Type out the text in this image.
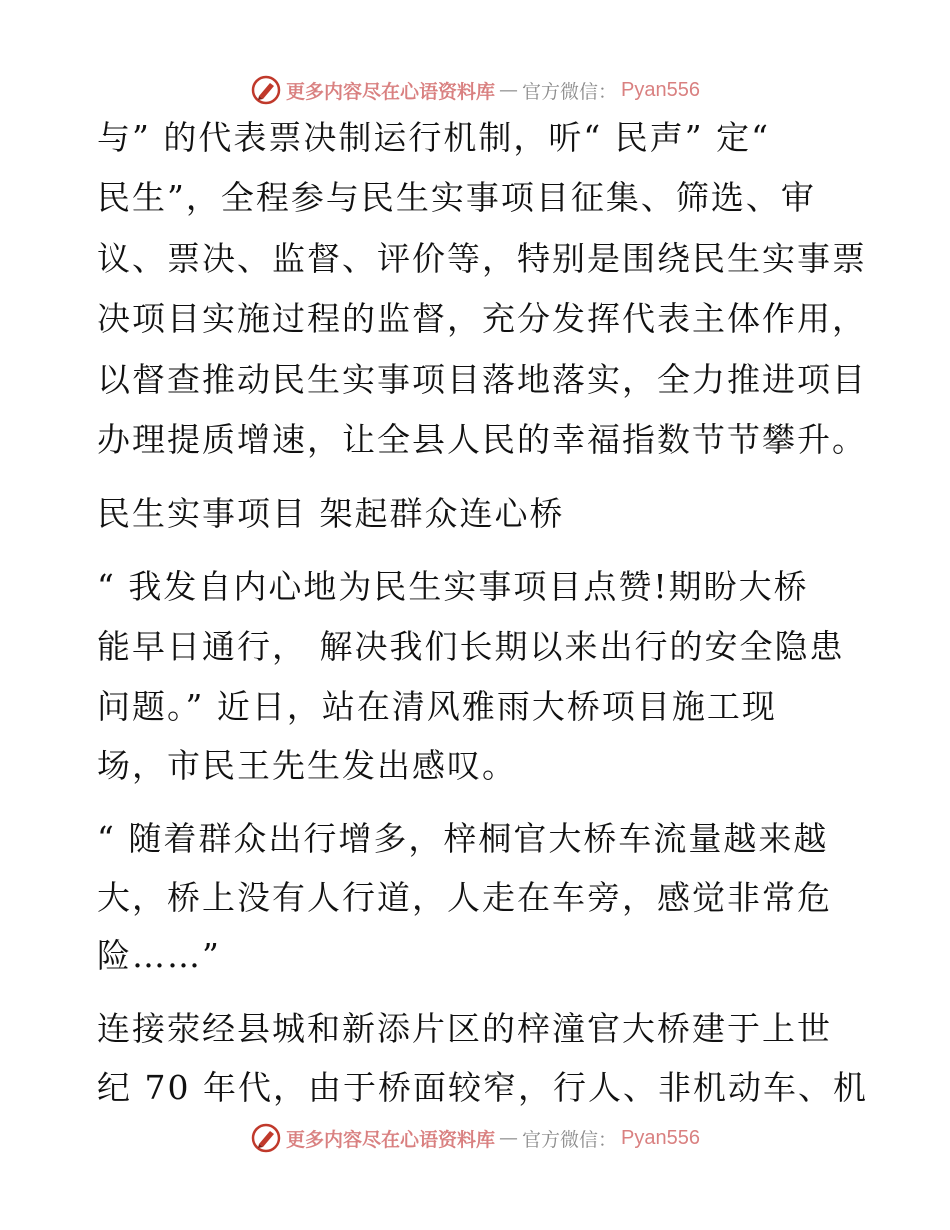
更多内容尽在心语资料库 — 官方微信： Pyan556
与” 的代表票决制运行机制，听“ 民声” 定“
民生”，全程参与民生实事项目征集、筛选、审
议、票决、监督、评价等，特别是围绕民生实事票
决项目实施过程的监督，充分发挥代表主体作用，
以督查推动民生实事项目落地落实，全力推进项目
办理提质增速，让全县人民的幸福指数节节攀升。
民生实事项目 架起群众连心桥
“ 我发自内心地为民生实事项目点赞!期盼大桥
能早日通行， 解决我们长期以来出行的安全隐患
问题。” 近日，站在清风雅雨大桥项目施工现
场，市民王先生发出感叹。
“ 随着群众出行增多，梓桐官大桥车流量越来越
大，桥上没有人行道，人走在车旁，感觉非常危
险……”
连接荥经县城和新添片区的梓潼官大桥建于上世
纪 70 年代，由于桥面较窄，行人、非机动车、机
更多内容尽在心语资料库 — 官方微信： Pyan556
